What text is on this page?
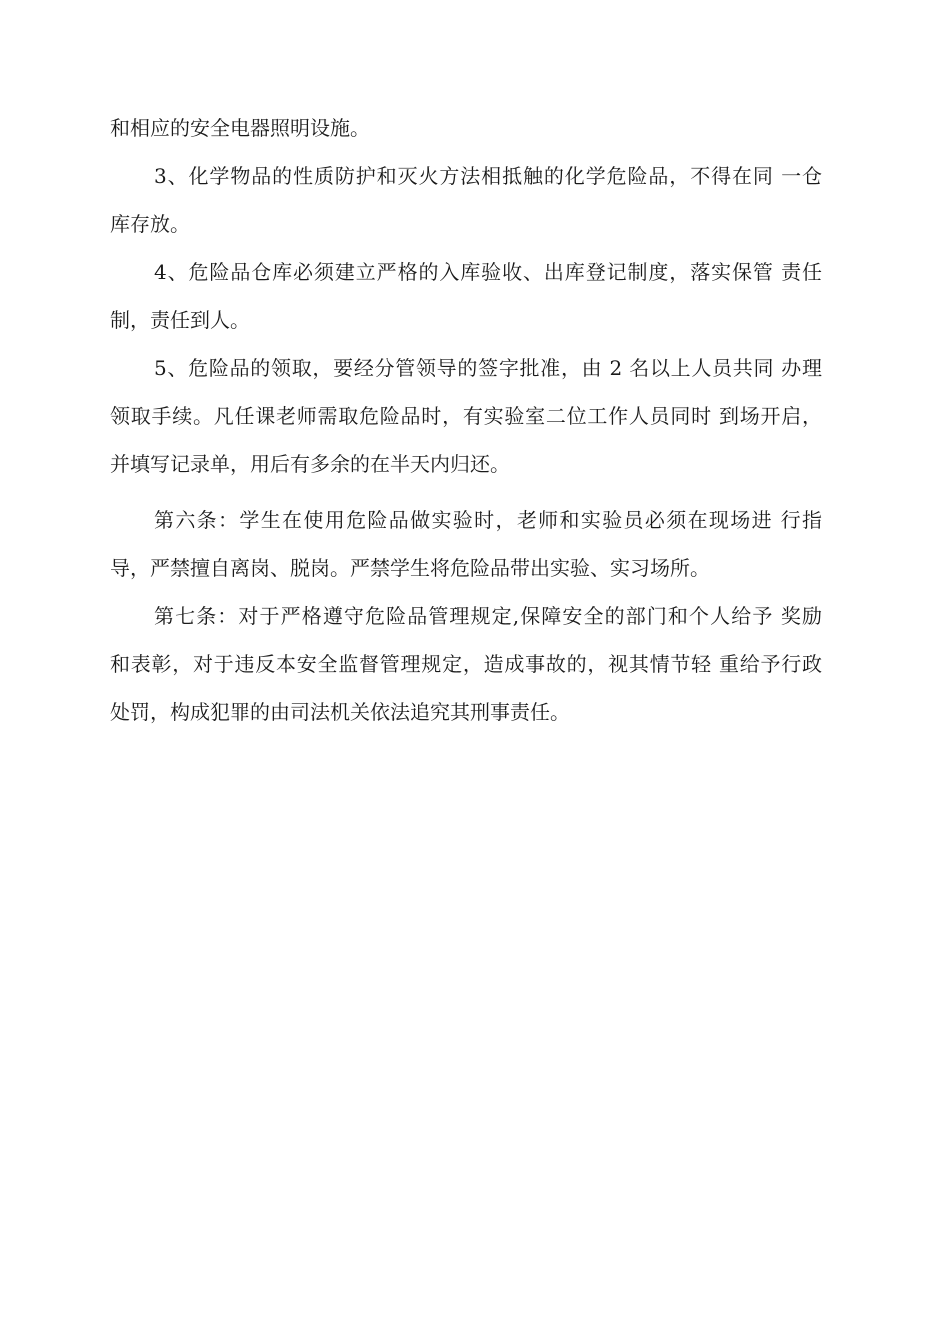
和相应的安全电器照明设施。
3、化学物品的性质防护和灭火方法相抵触的化学危险品，不得在同 一仓
库存放。
4、危险品仓库必须建立严格的入库验收、出库登记制度，落实保管 责任
制，责任到人。
5、危险品的领取，要经分管领导的签字批准，由 2 名以上人员共同 办理
领取手续。凡任课老师需取危险品时，有实验室二位工作人员同时 到场开启，
并填写记录单，用后有多余的在半天内归还。
第六条：学生在使用危险品做实验时，老师和实验员必须在现场进 行指
导，严禁擅自离岗、脱岗。严禁学生将危险品带出实验、实习场所。
第七条：对于严格遵守危险品管理规定,保障安全的部门和个人给予 奖励
和表彰，对于违反本安全监督管理规定，造成事故的，视其情节轻 重给予行政
处罚，构成犯罪的由司法机关依法追究其刑事责任。
